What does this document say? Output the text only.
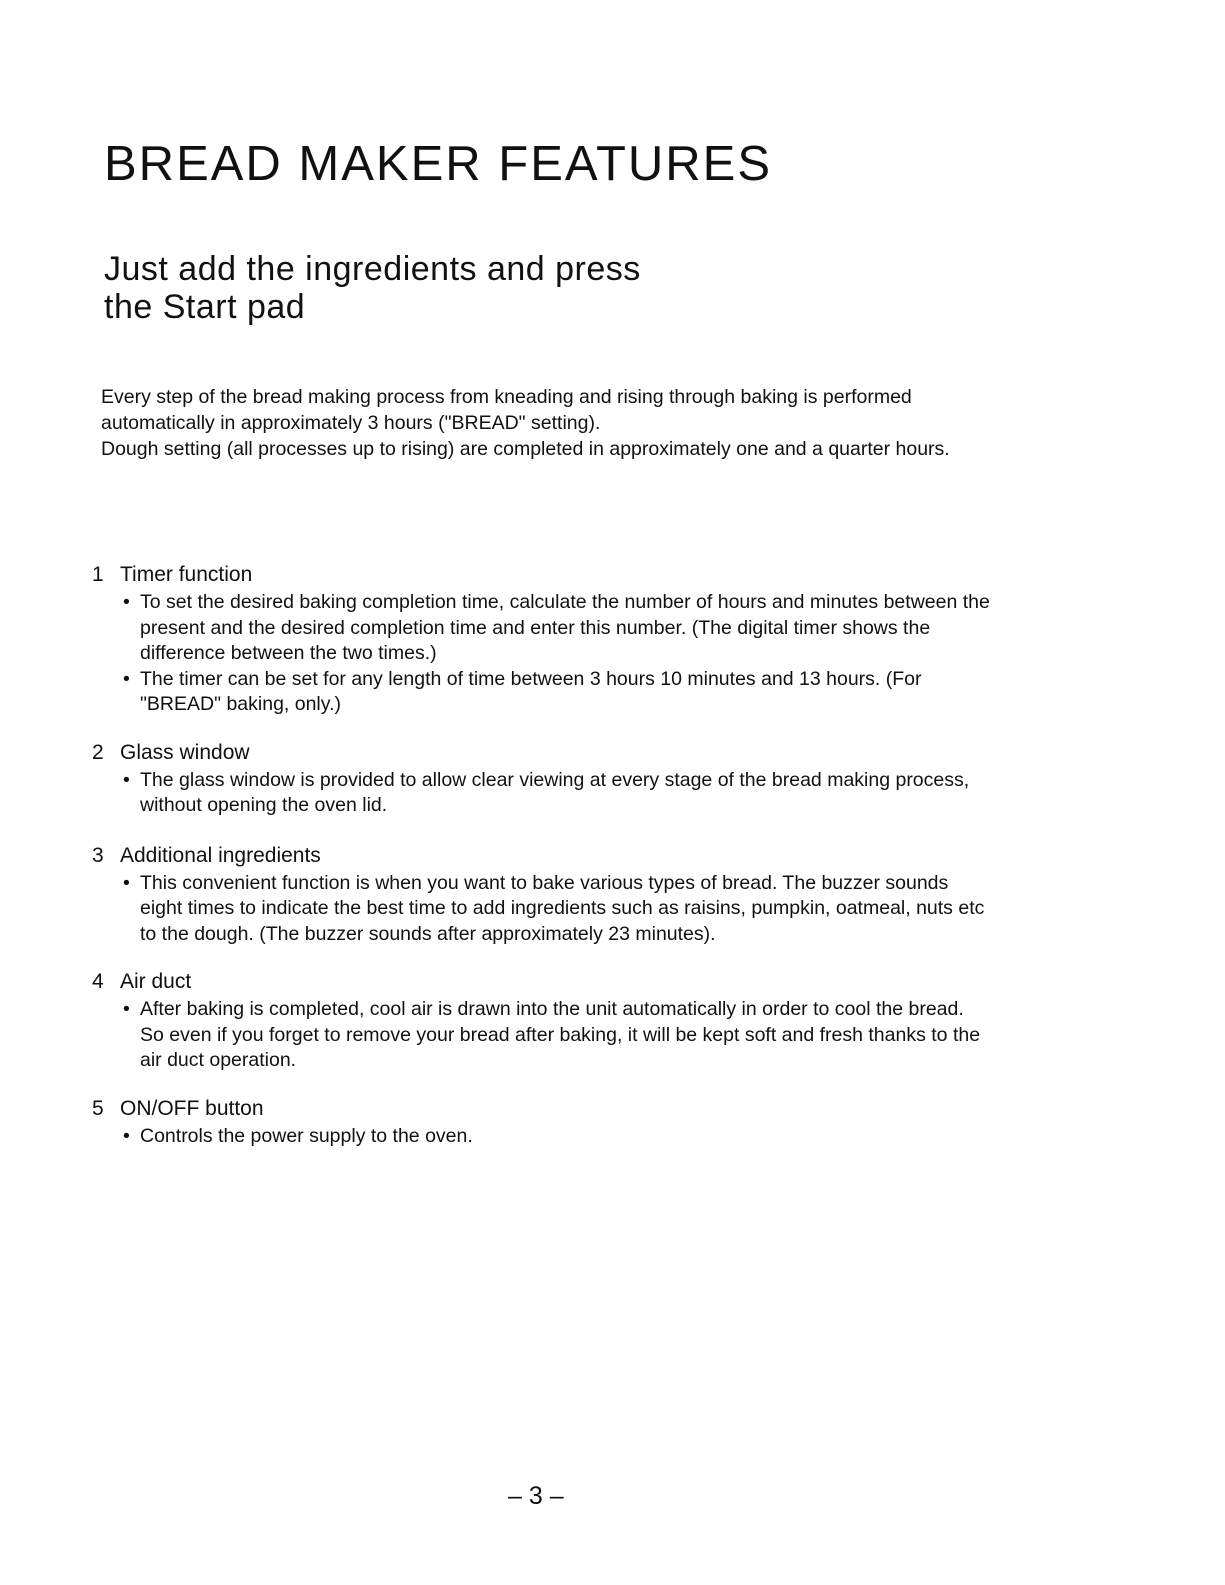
BREAD MAKER FEATURES
Just add the ingredients and press
the Start pad

Every step of the bread making process from kneading and rising through baking is performed automatically in approximately 3 hours ("BREAD" setting).
Dough setting (all processes up to rising) are completed in approximately one and a quarter hours.

1 Timer function

• To set the desired baking completion time, calculate the number of hours and minutes between the present and the desired completion time and enter this number. (The digital timer shows the difference between the two times.)
• The timer can be set for any length of time between 3 hours 10 minutes and 13 hours. (For "BREAD" baking, only.)

2 Glass window

• The glass window is provided to allow clear viewing at every stage of the bread making process, without opening the oven lid.

3 Additional ingredients

• This convenient function is when you want to bake various types of bread. The buzzer sounds eight times to indicate the best time to add ingredients such as raisins, pumpkin, oatmeal, nuts etc to the dough. (The buzzer sounds after approximately 23 minutes).

4 Air duct

• After baking is completed, cool air is drawn into the unit automatically in order to cool the bread. So even if you forget to remove your bread after baking, it will be kept soft and fresh thanks to the air duct operation.

5 ON/OFF button

• Controls the power supply to the oven.
– 3 –
